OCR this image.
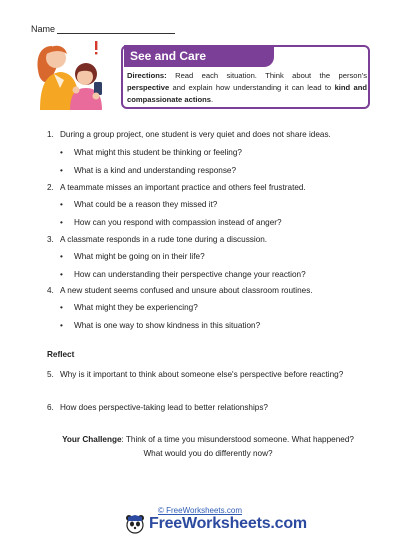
Name
See and Care
Directions: Read each situation. Think about the person's perspective and explain how understanding it can lead to kind and compassionate actions.
1. During a group project, one student is very quiet and does not share ideas.
• What might this student be thinking or feeling?
• What is a kind and understanding response?
2. A teammate misses an important practice and others feel frustrated.
• What could be a reason they missed it?
• How can you respond with compassion instead of anger?
3. A classmate responds in a rude tone during a discussion.
• What might be going on in their life?
• How can understanding their perspective change your reaction?
4. A new student seems confused and unsure about classroom routines.
• What might they be experiencing?
• What is one way to show kindness in this situation?
Reflect
5. Why is it important to think about someone else's perspective before reacting?
6. How does perspective-taking lead to better relationships?
Your Challenge: Think of a time you misunderstood someone. What happened?
What would you do differently now?
© FreeWorksheets.com
FreeWorksheets.com
